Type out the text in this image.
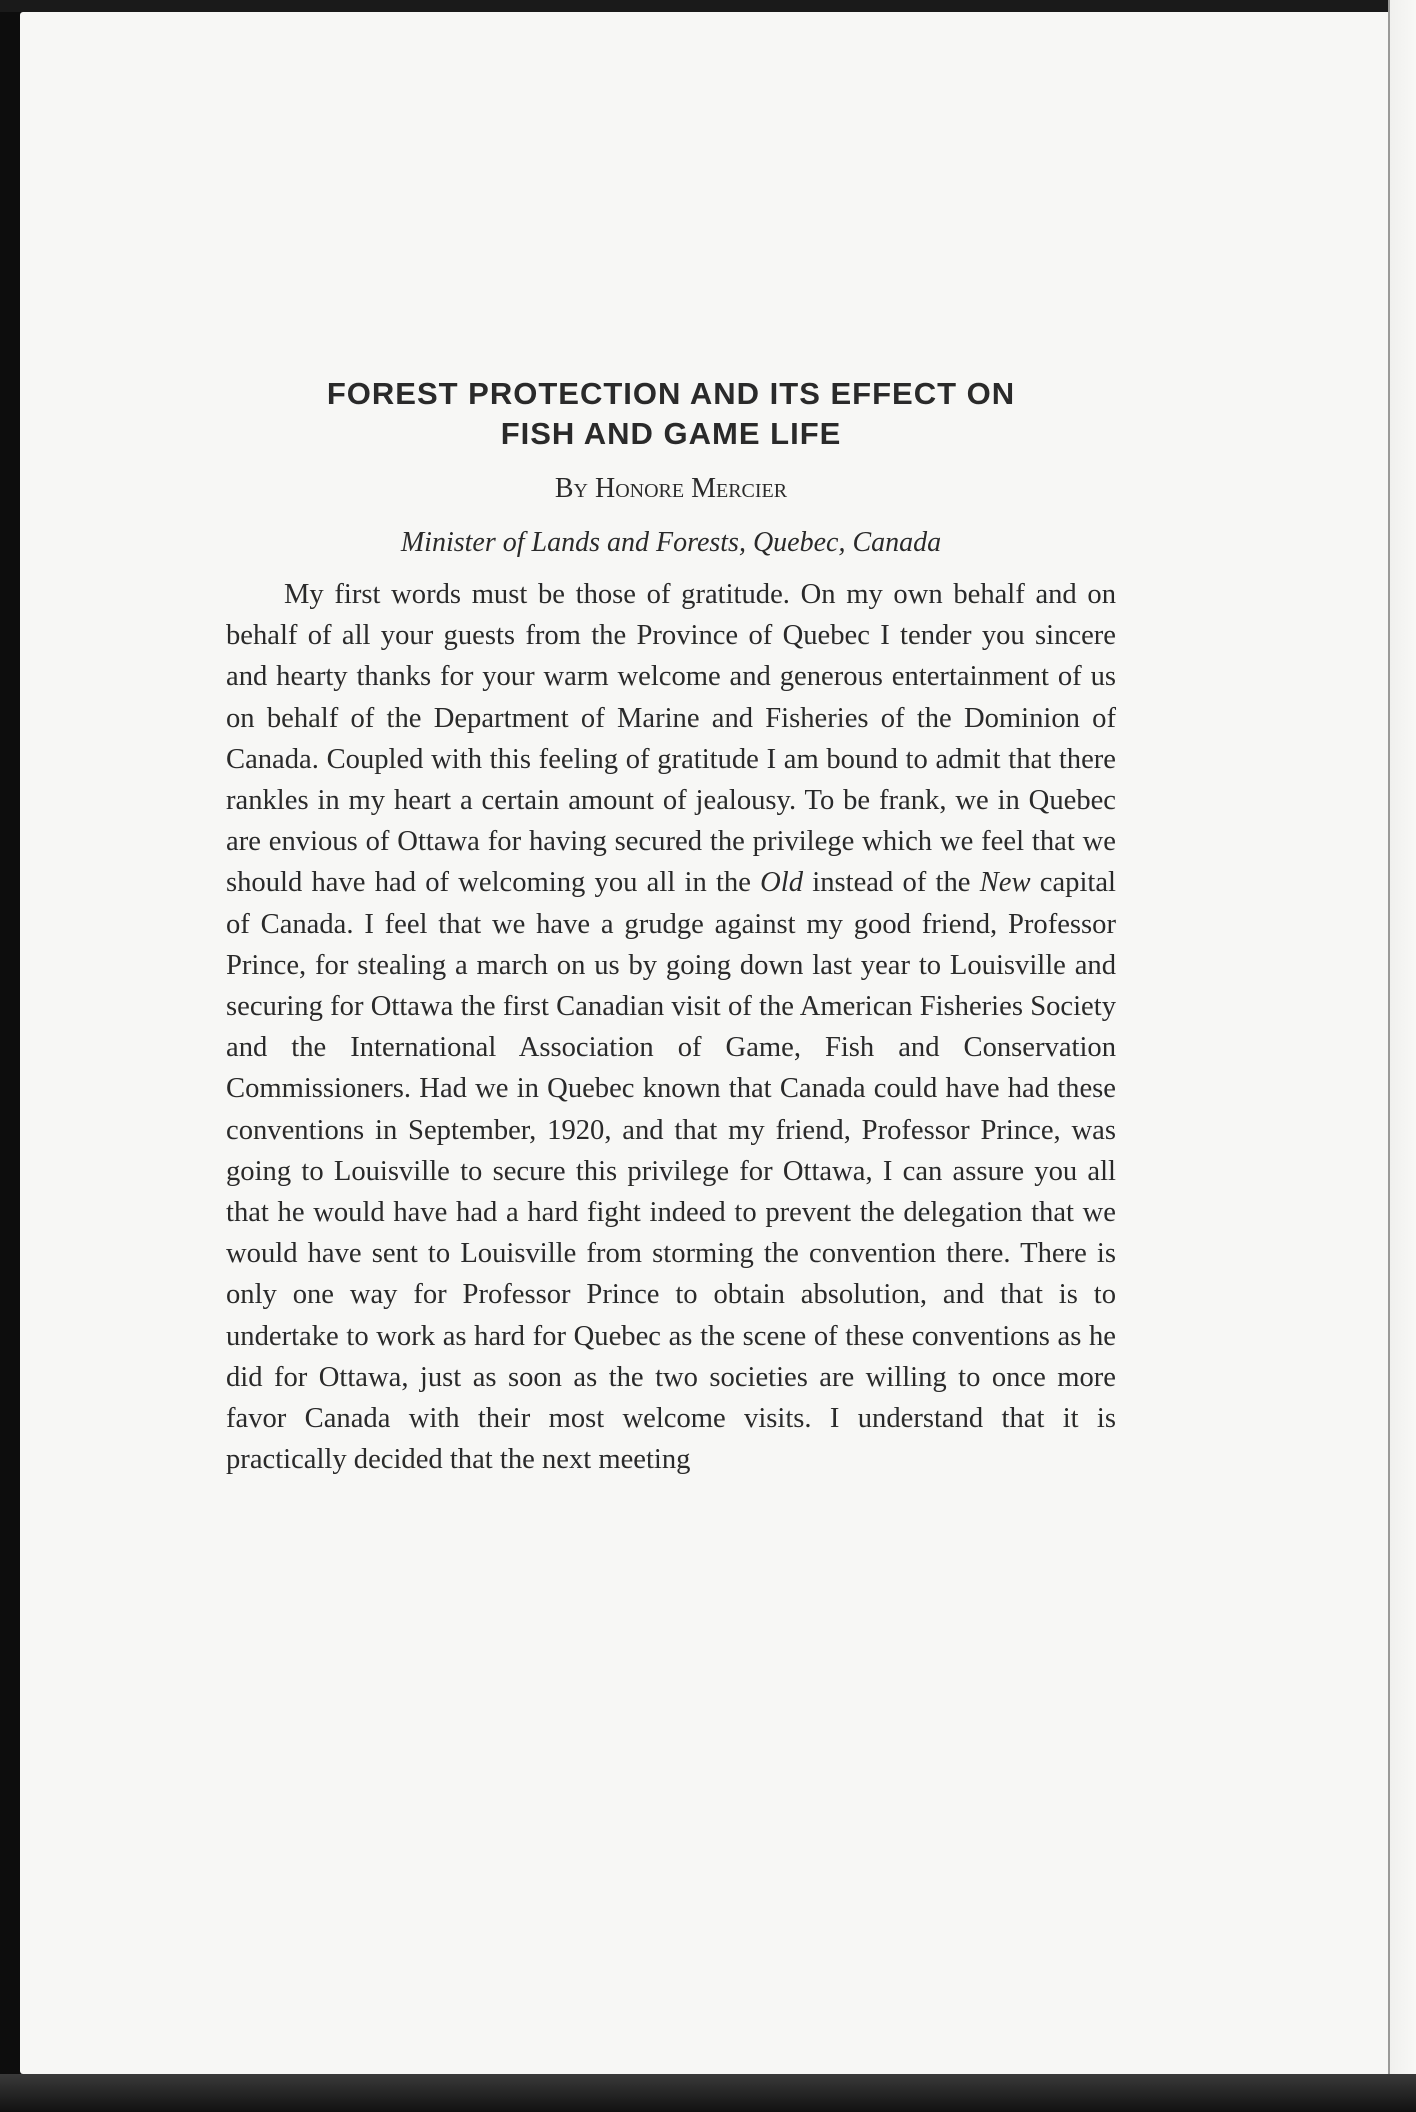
FOREST PROTECTION AND ITS EFFECT ON
FISH AND GAME LIFE
By Honore Mercier
Minister of Lands and Forests, Quebec, Canada

My first words must be those of gratitude. On my own behalf and on behalf of all your guests from the Province of Quebec I tender you sincere and hearty thanks for your warm welcome and generous entertainment of us on behalf of the Department of Marine and Fisheries of the Dominion of Canada. Coupled with this feeling of gratitude I am bound to admit that there rankles in my heart a certain amount of jealousy. To be frank, we in Quebec are envious of Ottawa for having secured the privilege which we feel that we should have had of welcoming you all in the Old instead of the New capital of Canada. I feel that we have a grudge against my good friend, Professor Prince, for stealing a march on us by going down last year to Louisville and securing for Ottawa the first Canadian visit of the American Fisheries Society and the International Association of Game, Fish and Conservation Commissioners. Had we in Quebec known that Canada could have had these conventions in September, 1920, and that my friend, Professor Prince, was going to Louisville to secure this privilege for Ottawa, I can assure you all that he would have had a hard fight indeed to prevent the delegation that we would have sent to Louisville from storming the convention there. There is only one way for Professor Prince to obtain absolution, and that is to undertake to work as hard for Quebec as the scene of these conventions as he did for Ottawa, just as soon as the two societies are willing to once more favor Canada with their most welcome visits. I understand that it is practically decided that the next meeting
